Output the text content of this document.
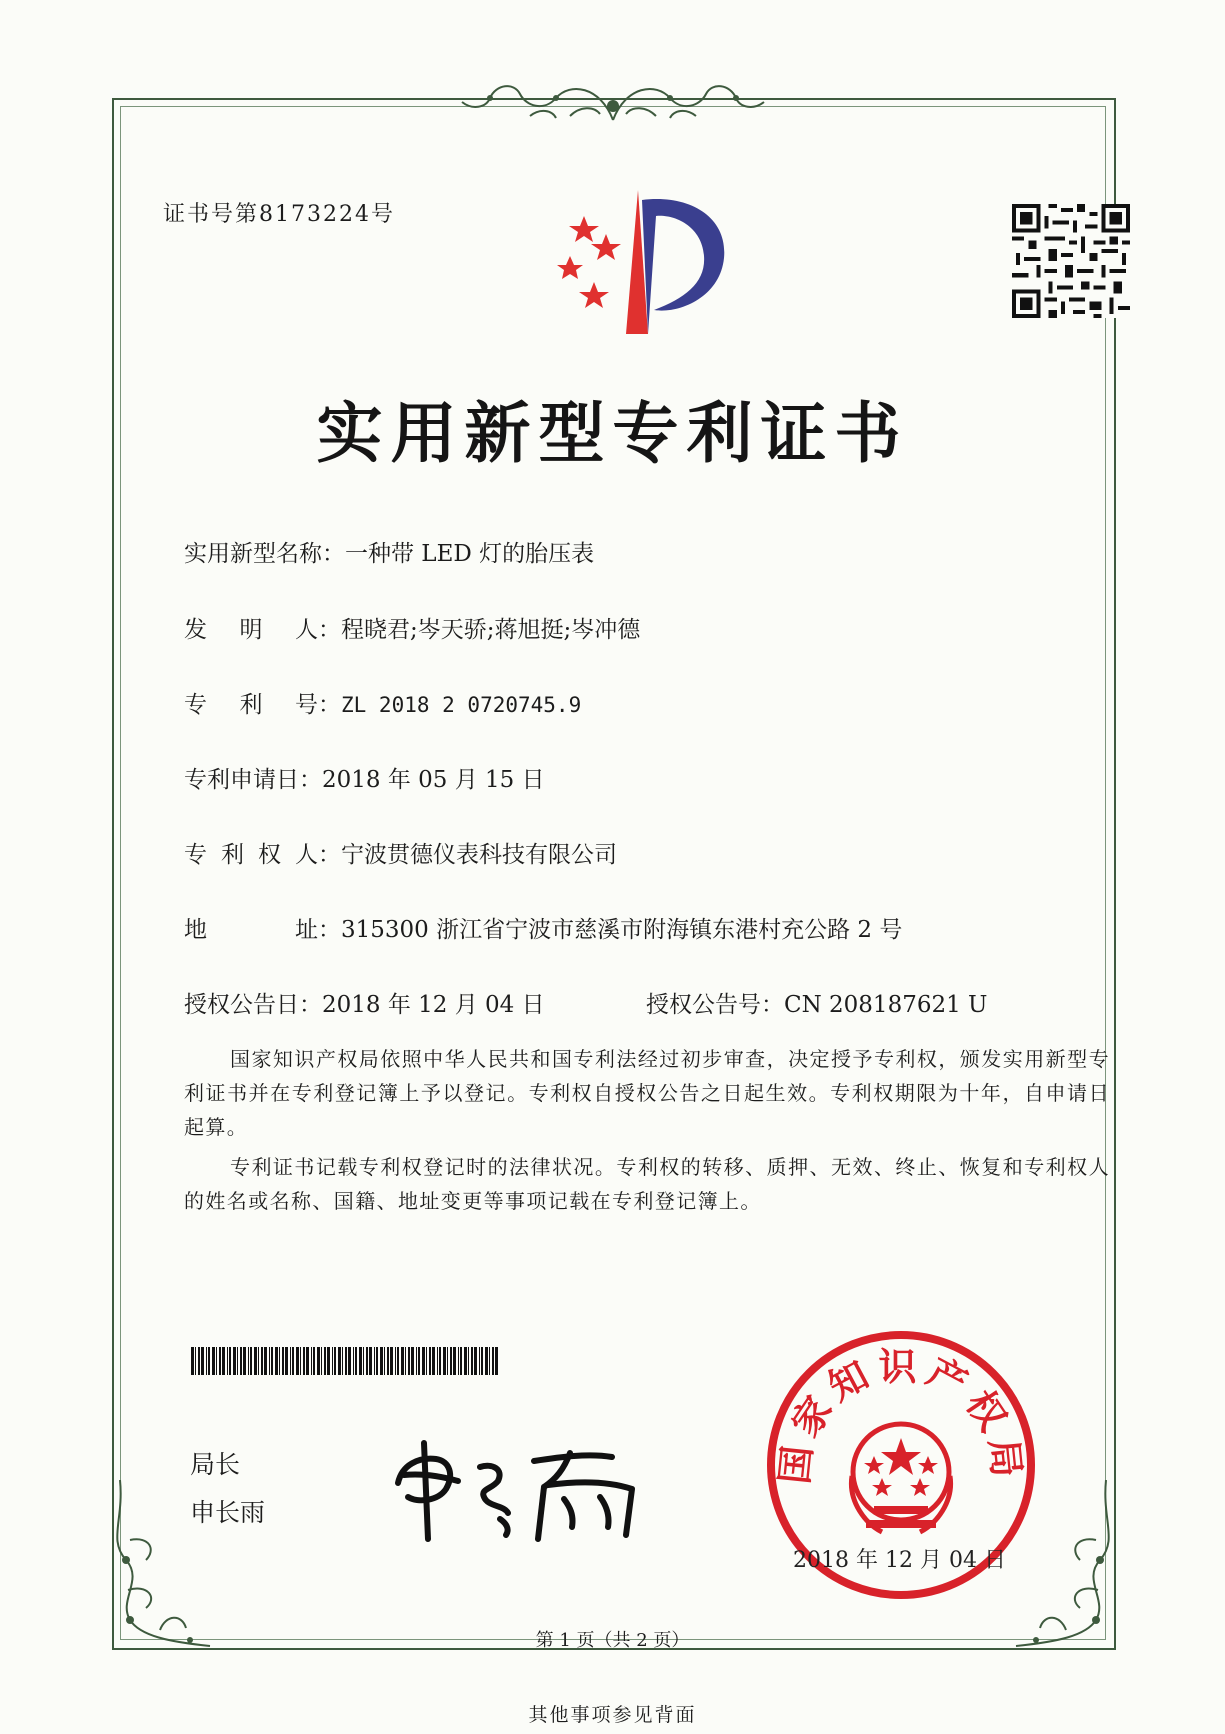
证书号第8173224号
实用新型专利证书
实用新型名称：一种带 LED 灯的胎压表
发 明 人 ：程晓君;岑天骄;蒋旭挺;岑冲德
专 利 号 ：ZL 2018 2 0720745.9
专利申请日：2018 年 05 月 15 日
专 利 权 人 ：宁波贯德仪表科技有限公司
地	址 ：315300 浙江省宁波市慈溪市附海镇东港村充公路 2 号
授权公告日：2018 年 12 月 04 日	授权公告号：CN 208187621 U
国家知识产权局依照中华人民共和国专利法经过初步审查，决定授予专利权，颁发实用新型专利证书并在专利登记簿上予以登记。专利权自授权公告之日起生效。专利权期限为十年，自申请日起算。
专利证书记载专利权登记时的法律状况。专利权的转移、质押、无效、终止、恢复和专利权人的姓名或名称、国籍、地址变更等事项记载在专利登记簿上。
局长
申长雨
国家知识产权局
2018 年 12 月 04 日
第 1 页（共 2 页）
其他事项参见背面
